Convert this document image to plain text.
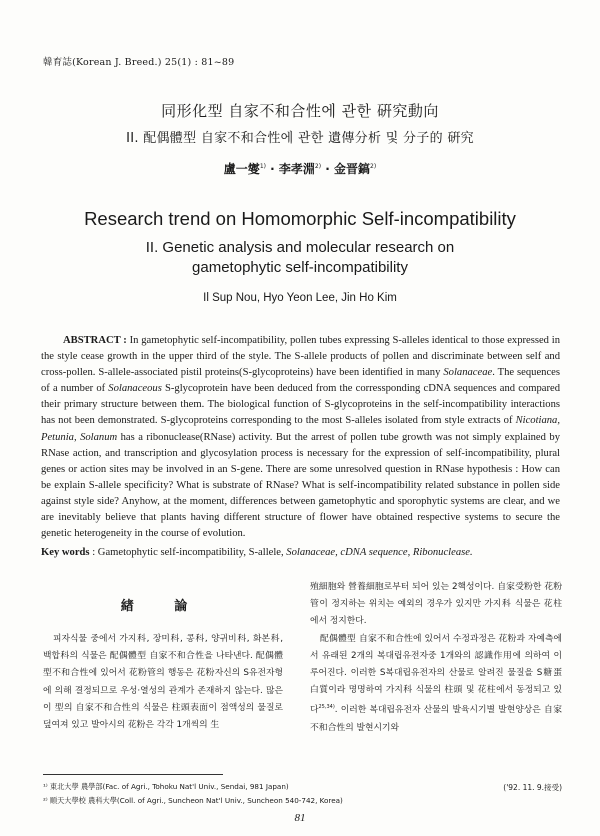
韓育誌(Korean J. Breed.) 25(1) : 81~89
同形化型 自家不和合性에 관한 硏究動向
II. 配偶體型 自家不和合性에 관한 遺傳分析 및 分子的 硏究
盧一燮$^{1)}$ · 李孝淵$^{2)}$ · 金晋鎬$^{2)}$
Research trend on Homomorphic Self-incompatibility
II. Genetic analysis and molecular research on
gametophytic self-incompatibility
Il Sup Nou, Hyo Yeon Lee, Jin Ho Kim

ABSTRACT : In gametophytic self-incompatibility, pollen tubes expressing S-alleles identical to those expressed in the style cease growth in the upper third of the style. The S-allele products of pollen and discriminate between self and cross-pollen. S-allele-associated pistil proteins(S-glycoproteins) have been identified in many Solanaceae. The sequences of a number of Solanaceous S-glycoprotein have been deduced from the corressponding cDNA sequences and compared their primary structure between them. The biological function of S-glycoproteins in the self-incompatibility interactions has not been demonstrated. S-glycoproteins corresponding to the most S-alleles isolated from style extracts of Nicotiana, Petunia, Solanum has a ribonuclease(RNase) activity. But the arrest of pollen tube growth was not simply explained by RNase action, and transcription and glycosylation process is necessary for the expression of self-incompatibility, plural genes or action sites may be involved in an S-gene. There are some unresolved question in RNase hypothesis : How can be explain S-allele specificity? What is substrate of RNase? What is self-incompatibility related substance in pollen side against style side? Anyhow, at the moment, differences between gametophytic and sporophytic systems are clear, and we are inevitably believe that plants having different structure of flower have obtained respective systems to secure the genetic heterogeneity in the course of evolution.

Key words : Gametophytic self-incompatibility, S-allele, Solanaceae, cDNA sequence, Ribonuclease.

緖 論

피자식물 중에서 가지科, 장미科, 콩科, 양귀비科, 화본科, 백합科의 식물은 配偶體型 自家不和合性을 나타낸다. 配偶體型不和合性에 있어서 花粉管의 행동은 花粉자신의 S유전자형에 의해 결정되므로 우성·열성의 관계가 존재하지 않는다. 많은 이 型의 自家不和合性의 식물은 柱頭表面이 점액성의 물질로 덮여져 있고 발아시의 花粉은 각각 1개씩의 生

殖細胞와 營養細胞로부터 되어 있는 2핵성이다. 自家受粉한 花粉管이 정지하는 위치는 예외의 경우가 있지만 가지科 식물은 花柱에서 정지한다.

配偶體型 自家不和合性에 있어서 수정과정은 花粉과 자예측에서 유래된 2개의 복대립유전자중 1개와의 認識作用에 의하여 이루어진다. 이러한 S복대립유전자의 산물로 알려진 물질을 S糖蛋白質이라 명명하여 가지科 식물의 柱頭 및 花柱에서 동정되고 있다$^{25,34)}$. 이러한 복대립유전자 산물의 발육시기별 발현양상은 自家不和合性의 발현시기와

¹⁾ 東北大學 農學部(Fac. of Agri., Tohoku Nat'l Univ., Sendai, 981 Japan)
²⁾ 順天大學校 農科大學(Coll. of Agri., Suncheon Nat'l Univ., Suncheon 540-742, Korea)
('92. 11. 9.接受)
81
